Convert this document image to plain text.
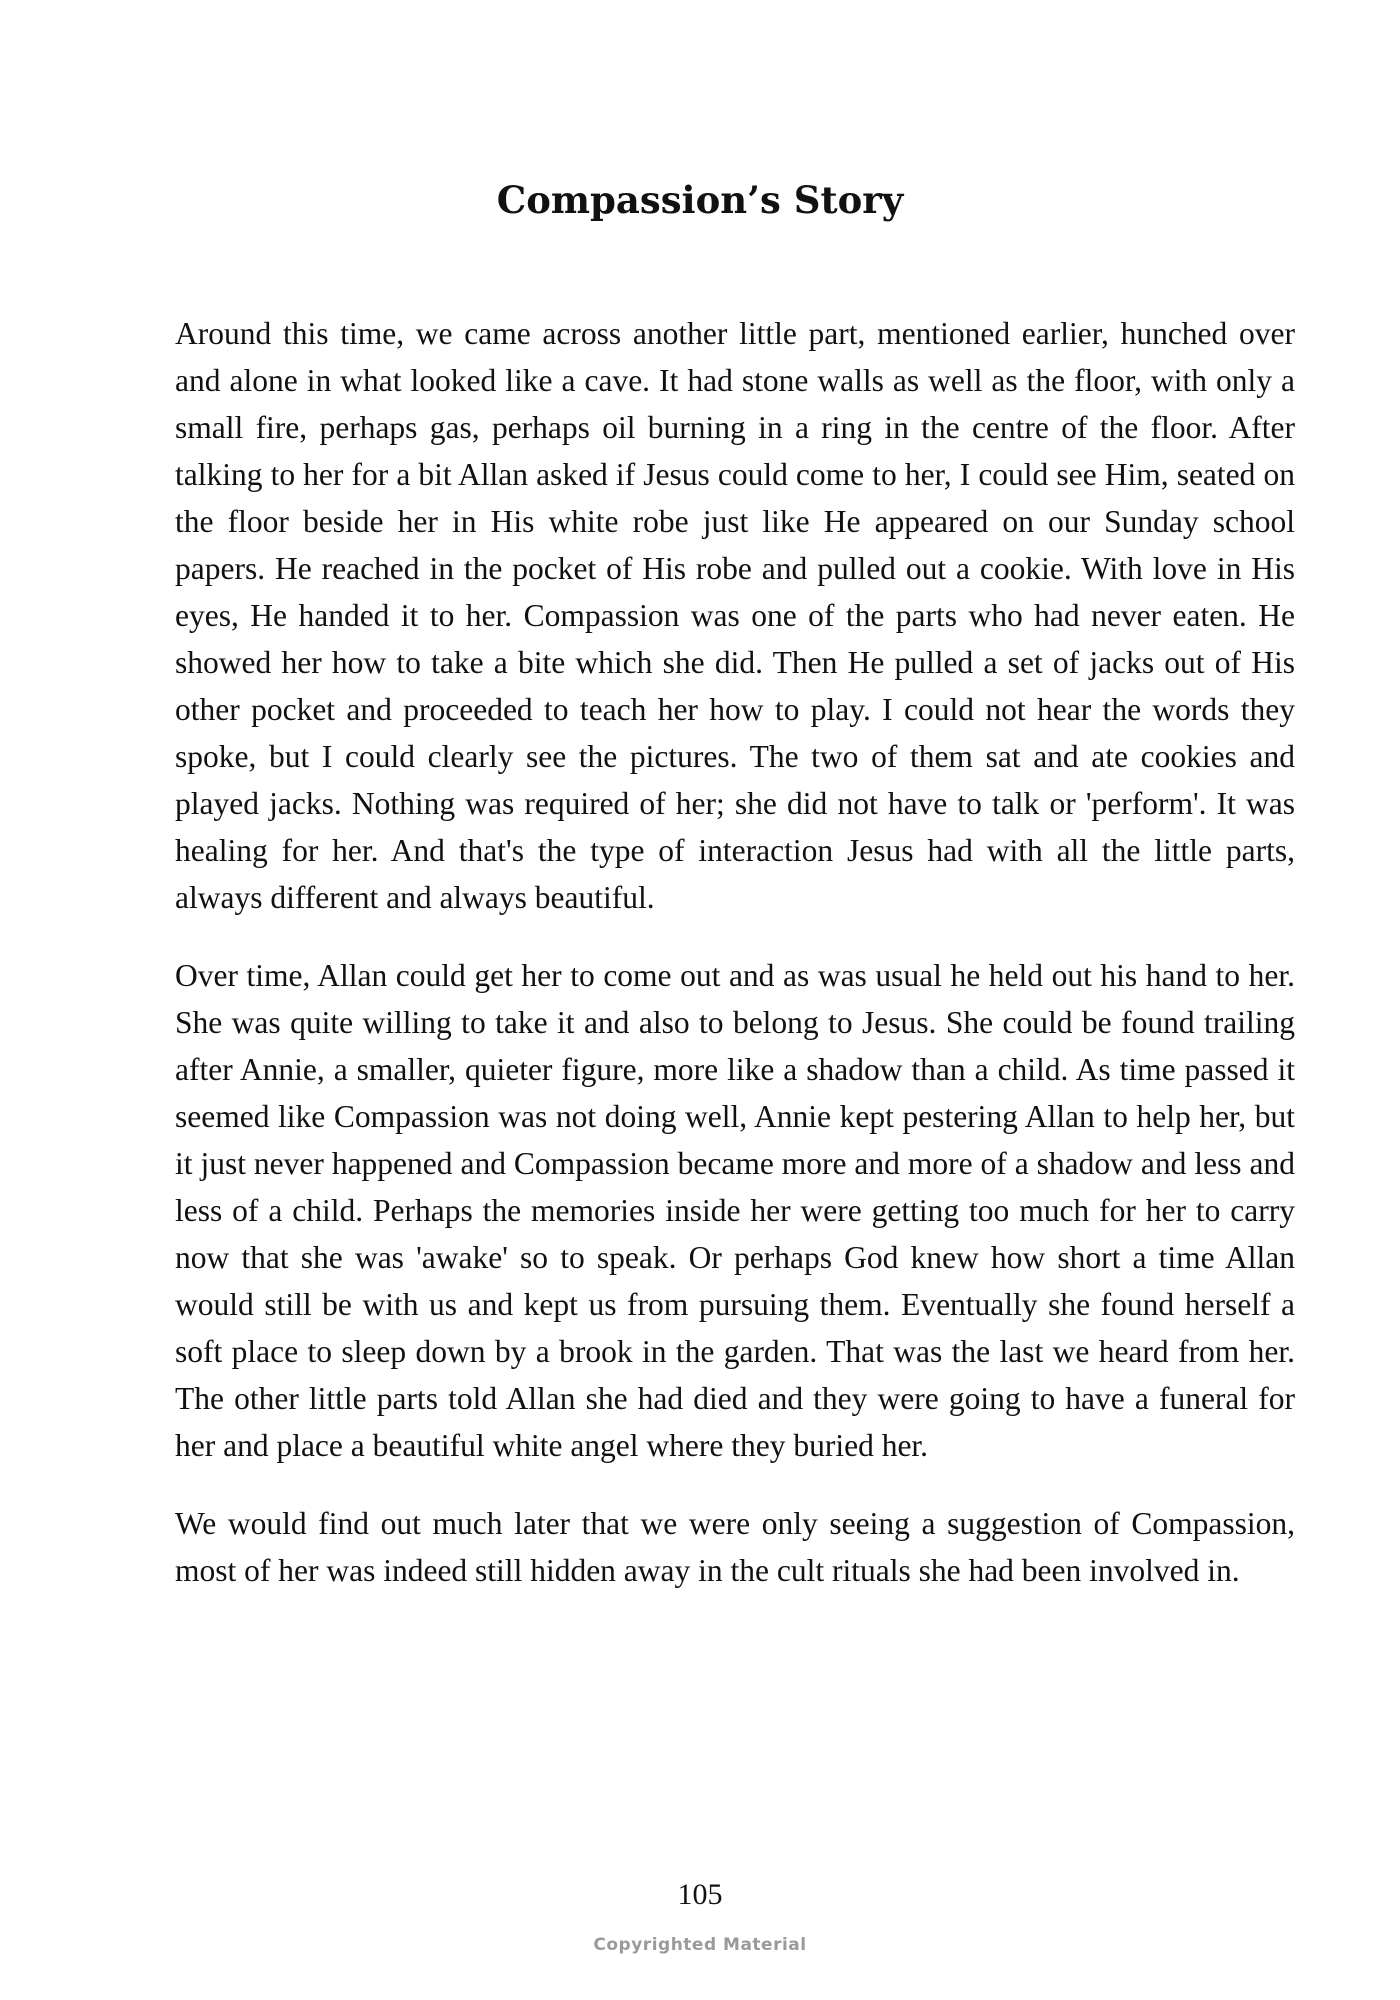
Compassion’s Story

Around this time, we came across another little part, mentioned earlier, hunched over and alone in what looked like a cave. It had stone walls as well as the floor, with only a small fire, perhaps gas, perhaps oil burning in a ring in the centre of the floor. After talking to her for a bit Allan asked if Jesus could come to her, I could see Him, seated on the floor beside her in His white robe just like He appeared on our Sunday school papers. He reached in the pocket of His robe and pulled out a cookie. With love in His eyes, He handed it to her. Compassion was one of the parts who had never eaten. He showed her how to take a bite which she did. Then He pulled a set of jacks out of His other pocket and proceeded to teach her how to play. I could not hear the words they spoke, but I could clearly see the pictures. The two of them sat and ate cookies and played jacks. Nothing was required of her; she did not have to talk or 'perform'. It was healing for her. And that's the type of interaction Jesus had with all the little parts, always different and always beautiful.

Over time, Allan could get her to come out and as was usual he held out his hand to her. She was quite willing to take it and also to belong to Jesus. She could be found trailing after Annie, a smaller, quieter figure, more like a shadow than a child. As time passed it seemed like Compassion was not doing well, Annie kept pestering Allan to help her, but it just never happened and Compassion became more and more of a shadow and less and less of a child. Perhaps the memories inside her were getting too much for her to carry now that she was 'awake' so to speak. Or perhaps God knew how short a time Allan would still be with us and kept us from pursuing them. Eventually she found herself a soft place to sleep down by a brook in the garden. That was the last we heard from her. The other little parts told Allan she had died and they were going to have a funeral for her and place a beautiful white angel where they buried her.

We would find out much later that we were only seeing a suggestion of Compassion, most of her was indeed still hidden away in the cult rituals she had been involved in.

105
Copyrighted Material
